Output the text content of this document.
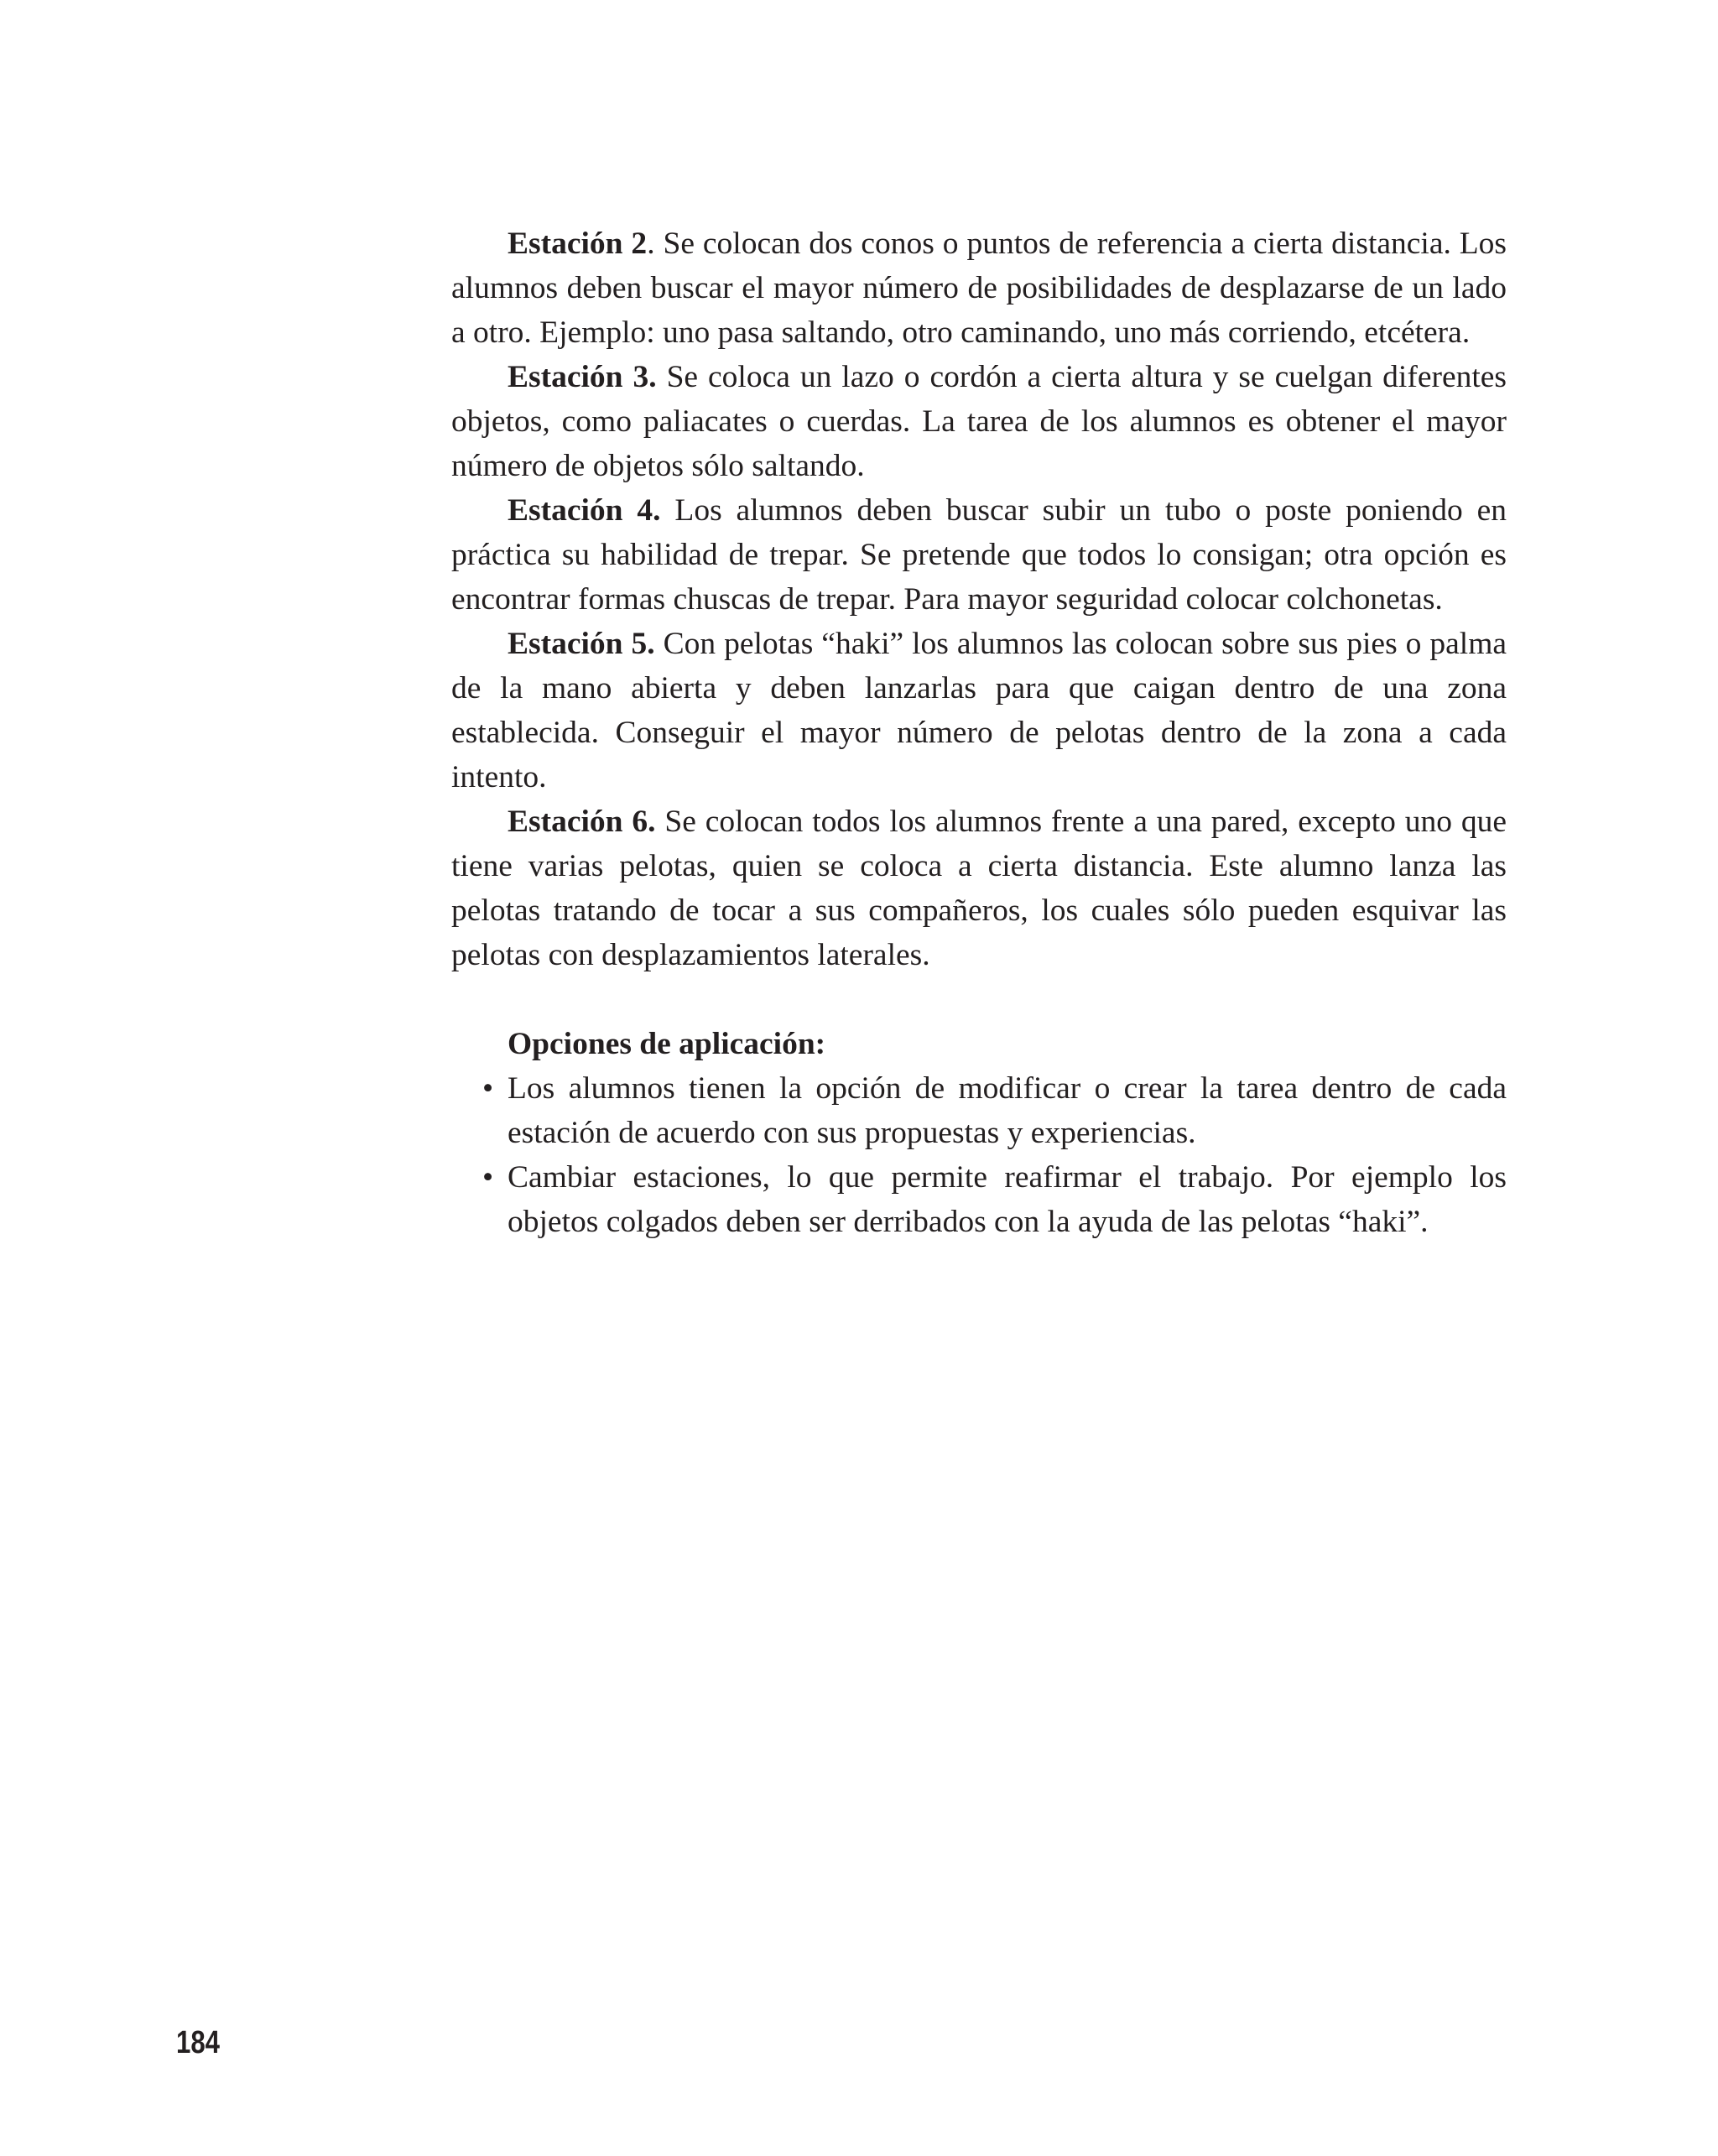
Estación 2. Se colocan dos conos o puntos de referencia a cierta distancia. Los alumnos deben buscar el mayor número de posibilidades de desplazarse de un lado a otro. Ejemplo: uno pasa saltando, otro caminando, uno más corriendo, etcétera.

Estación 3. Se coloca un lazo o cordón a cierta altura y se cuelgan diferentes objetos, como paliacates o cuerdas. La tarea de los alumnos es obtener el mayor número de objetos sólo saltando.

Estación 4. Los alumnos deben buscar subir un tubo o poste poniendo en práctica su habilidad de trepar. Se pretende que todos lo consigan; otra opción es encontrar formas chuscas de trepar. Para mayor seguridad colocar colchonetas.

Estación 5. Con pelotas “haki” los alumnos las colocan sobre sus pies o palma de la mano abierta y deben lanzarlas para que caigan dentro de una zona establecida. Conseguir el mayor número de pelotas dentro de la zona a cada intento.

Estación 6. Se colocan todos los alumnos frente a una pared, excepto uno que tiene varias pelotas, quien se coloca a cierta distancia. Este alumno lanza las pelotas tratando de tocar a sus compañeros, los cuales sólo pueden esquivar las pelotas con desplazamientos laterales.

Opciones de aplicación:

• Los alumnos tienen la opción de modificar o crear la tarea dentro de cada estación de acuerdo con sus propuestas y experiencias.
• Cambiar estaciones, lo que permite reafirmar el trabajo. Por ejemplo los objetos colgados deben ser derribados con la ayuda de las pelotas “haki”.
184
